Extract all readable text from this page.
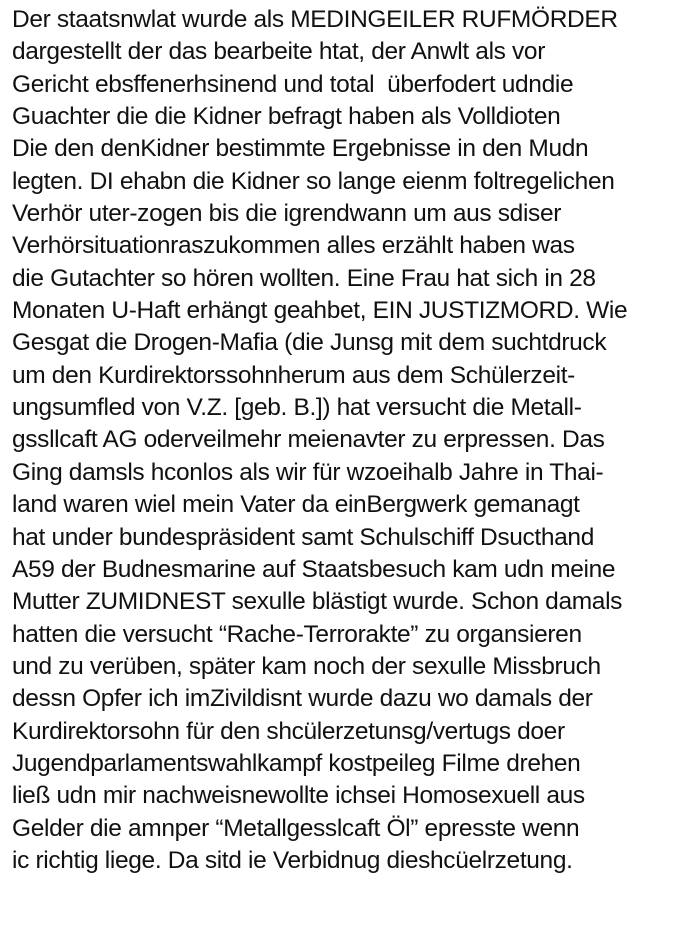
Der staatsnwlat wurde als MEDINGEILER RUFMÖRDER
dargestellt der das bearbeite htat, der Anwlt als vor
Gericht ebsffenerhsinend und total  überfodert udndie
Guachter die die Kidner befragt haben als Volldioten
Die den denKidner bestimmte Ergebnisse in den Mudn
legten. DI ehabn die Kidner so lange eienm foltregelichen
Verhör uter-zogen bis die igrendwann um aus sdiser
Verhörsituationraszukommen alles erzählt haben was
die Gutachter so hören wollten. Eine Frau hat sich in 28
Monaten U-Haft erhängt geahbet, EIN JUSTIZMORD. Wie
Gesgat die Drogen-Mafia (die Junsg mit dem suchtdruck
um den Kurdirektorssohnherum aus dem Schülerzeit-
ungsumfled von V.Z. [geb. B.]) hat versucht die Metall-
gssllcaft AG oderveilmehr meienavter zu erpressen. Das
Ging damsls hconlos als wir für wzoeihalb Jahre in Thai-
land waren wiel mein Vater da einBergwerk gemanagt
hat under bundespräsident samt Schulschiff Dsucthand
A59 der Budnesmarine auf Staatsbesuch kam udn meine
Mutter ZUMIDNEST sexulle blästigt wurde. Schon damals
hatten die versucht “Rache-Terrorakte” zu organsieren
und zu verüben, später kam noch der sexulle Missbruch
dessn Opfer ich imZivildisnt wurde dazu wo damals der
Kurdirektorsohn für den shcülerzetunsg/vertugs doer
Jugendparlamentswahlkampf kostpeileg Filme drehen
ließ udn mir nachweisnewollte ichsei Homosexuell aus
Gelder die amnper “Metallgesslcaft Öl” epresste wenn
ic richtig liege. Da sitd ie Verbidnug dieshcüelrzetung.
